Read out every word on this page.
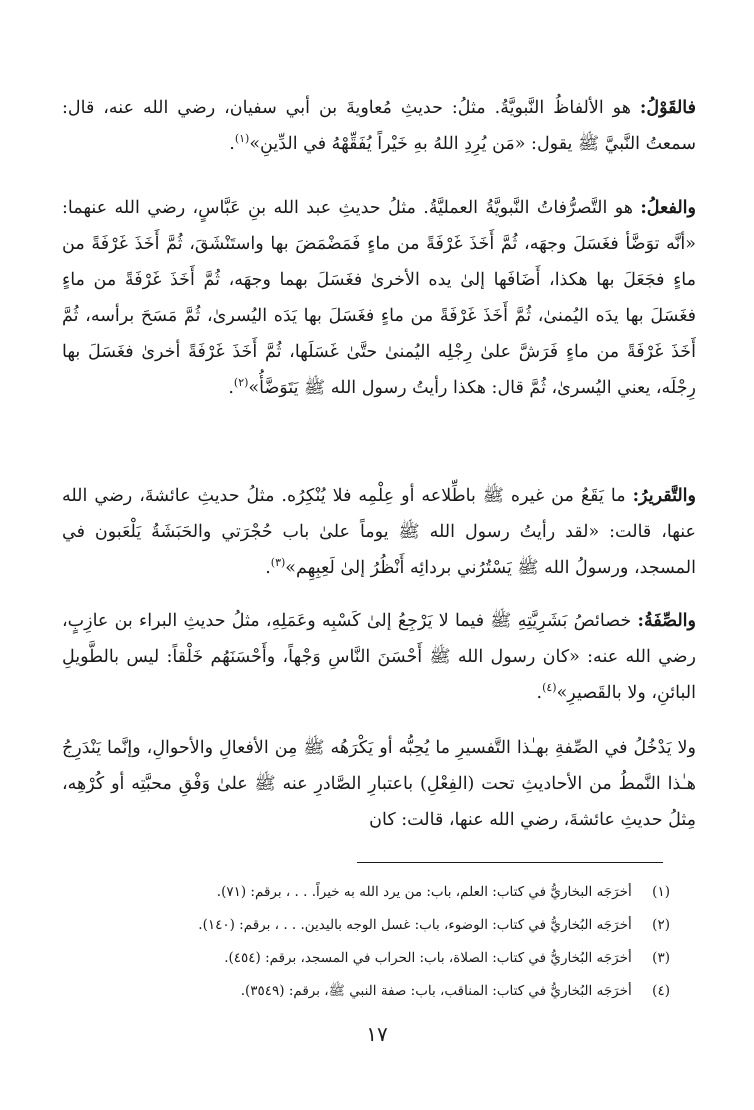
فالقَوْلُ: هو الألفاظُ النَّبويَّةُ. مثلُ: حديثِ مُعاويةَ بن أبي سفيان، رضي الله عنه، قال: سمعتُ النَّبيَّ ﷺ يقول: «مَن يُرِدِ اللهُ بهِ خَيْراً يُفَقِّهْهُ في الدِّينِ»$^{(١)}$.

والفعلُ: هو التَّصرُّفاتُ النَّبويَّةُ العمليَّةُ. مثلُ حديثِ عبد الله بنِ عَبَّاسٍ، رضي الله عنهما: «أنَّه توَضَّأ فغَسَلَ وجهَه، ثُمَّ أَخَذَ غَرْفَةً من ماءٍ فَمَضْمَضَ بها واستَنْشَقَ، ثُمَّ أَخَذَ غَرْفَةً من ماءٍ فجَعَلَ بها هكذا، أَضَافَها إلىٰ يده الأخرىٰ فغَسَلَ بهما وجهَه، ثُمَّ أَخَذَ غَرْفَةً من ماءٍ فغَسَلَ بها يدَه اليُمنىٰ، ثُمَّ أَخَذَ غَرْفَةً من ماءٍ فغَسَلَ بها يَدَه اليُسرىٰ، ثُمَّ مَسَحَ برأسه، ثُمَّ أَخَذَ غَرْفَةً من ماءٍ فَرَشَّ علىٰ رِجْلِه اليُمنىٰ حتَّىٰ غَسَلَها، ثُمَّ أَخَذَ غَرْفَةً أخرىٰ فغَسَلَ بها رِجْلَه، يعني اليُسرىٰ، ثُمَّ قال: هكذا رأيتُ رسول الله ﷺ يَتَوَضَّأُ»$^{(٢)}$.

والتَّقريرُ: ما يَقَعُ من غيره ﷺ باطِّلاعه أو عِلْمِه فلا يُنْكِرُه. مثلُ حديثِ عائشةَ، رضي الله عنها، قالت: «لقد رأيتُ رسول الله ﷺ يوماً علىٰ باب حُجْرَتي والحَبَشَةُ يَلْعَبون في المسجد، ورسولُ الله ﷺ يَسْتُرُني بردائِه أَنْظُرُ إلىٰ لَعِبِهِم»$^{(٣)}$.

والصِّفَةُ: خصائصُ بَشَرِيَّتِهِ ﷺ فيما لا يَرْجِعُ إلىٰ كَسْبِه وعَمَلِهِ، مثلُ حديثِ البراء بن عازِبٍ، رضي الله عنه: «كان رسول الله ﷺ أَحْسَنَ النَّاسِ وَجْهاً، وأَحْسَنَهُم خَلْقاً: ليس بالطَّويلِ البائنِ، ولا بالقَصيرِ»$^{(٤)}$.

ولا يَدْخُلُ في الصِّفةِ بهـٰذا التَّفسيرِ ما يُحِبُّه أو يَكْرَهُه ﷺ مِن الأفعالِ والأحوالِ، وإنَّما يَنْدَرِجُ هـٰذا النَّمطُ من الأحاديثِ تحت (الفِعْلِ) باعتبارِ الصَّادرِ عنه ﷺ علىٰ وَفْقِ محبَّتِه أو كُرْهِه، مِثلُ حديثِ عائشةَ، رضي الله عنها، قالت: كان

(١) أخرَجَه البخاريُّ في كتاب: العلم، باب: من يرد الله به خيراً. . . ، برقم: (٧١).
(٢) أخرَجَه البُخاريُّ في كتاب: الوضوء، باب: غسل الوجه باليدين. . . ، برقم: (١٤٠).
(٣) أخرَجَه البُخاريُّ في كتاب: الصلاة، باب: الحراب في المسجد، برقم: (٤٥٤).
(٤) أخرَجَه البُخاريُّ في كتاب: المناقب، باب: صفة النبي ﷺ، برقم: (٣٥٤٩).
١٧
